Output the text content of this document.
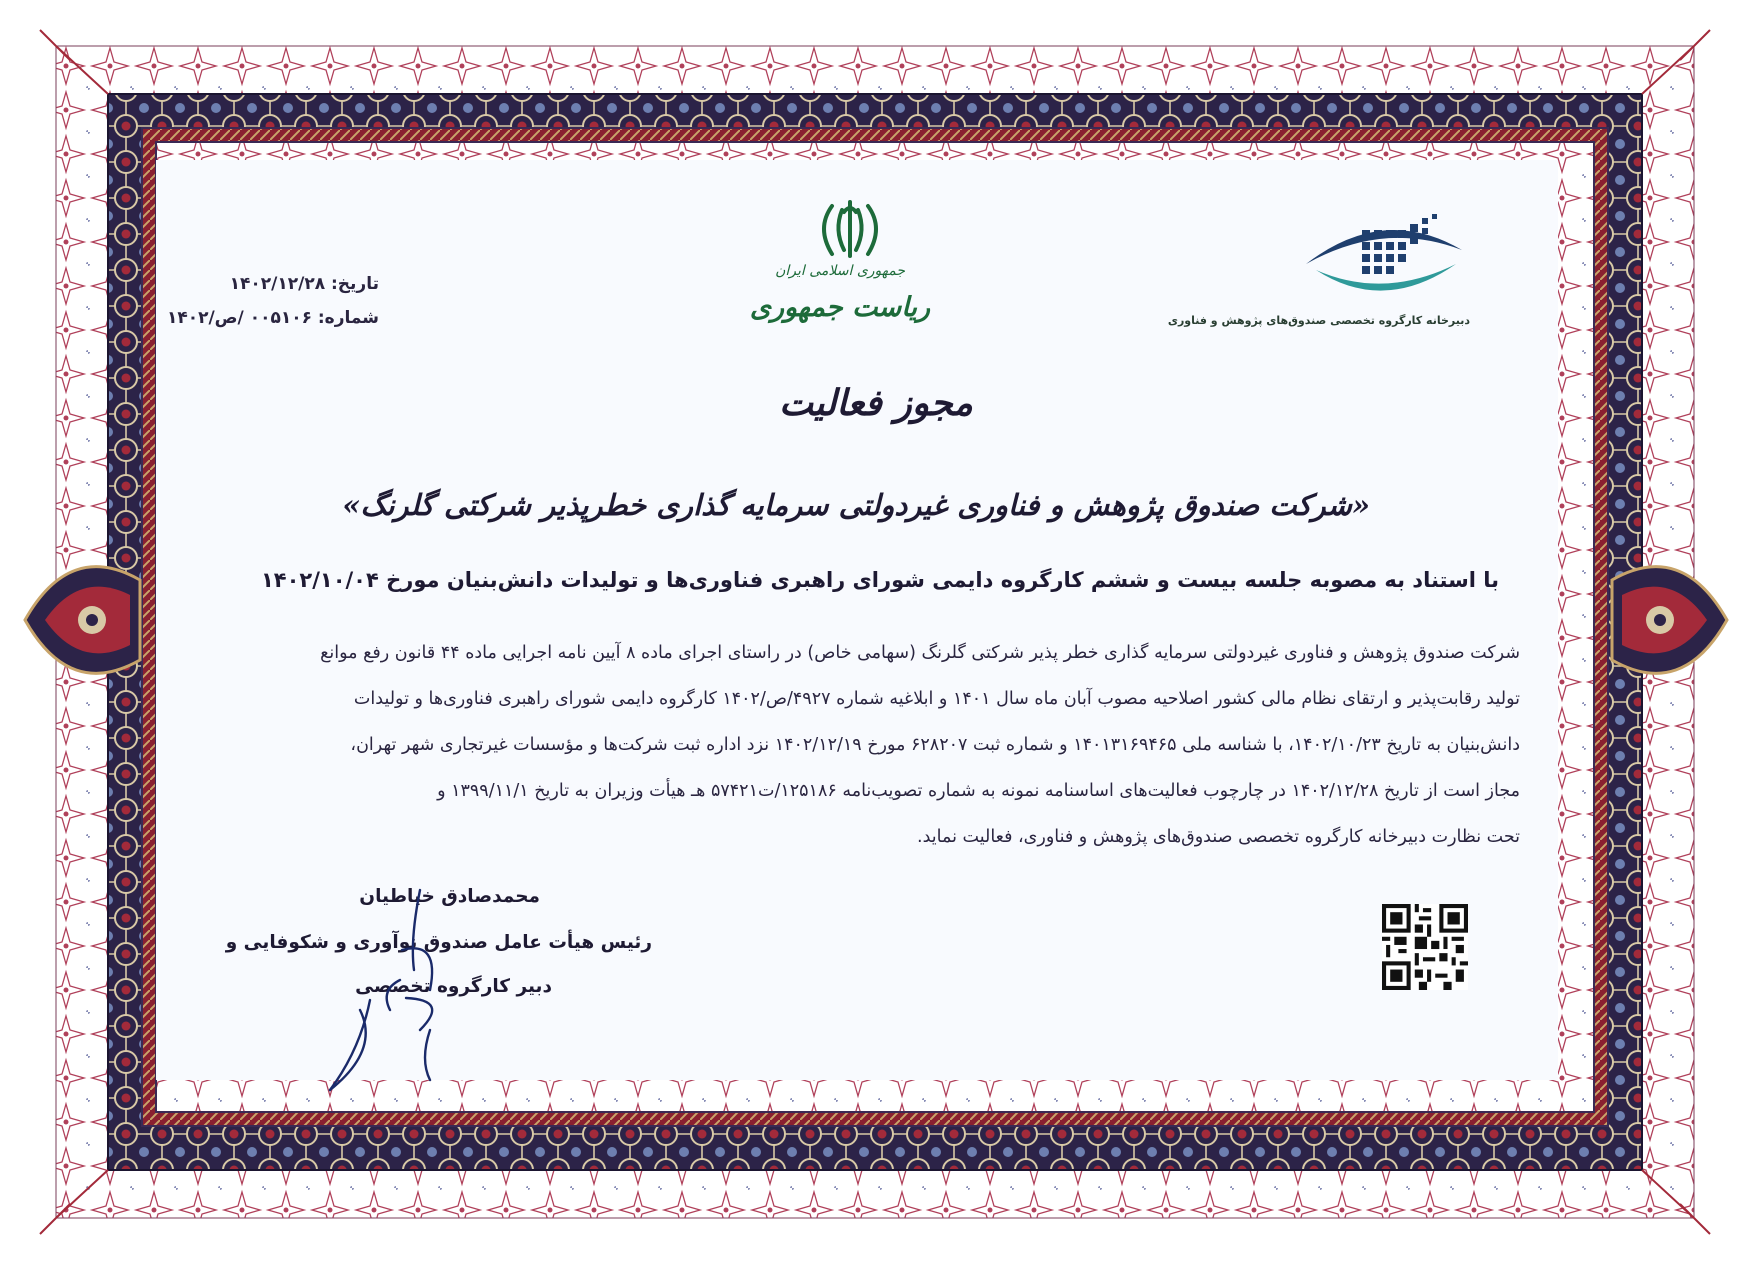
تاریخ: ۱۴۰۲/۱۲/۲۸
شماره: ۰۰۵۱۰۶ /ص/۱۴۰۲
جمهوری اسلامی ایران
ریاست جمهوری	دبیرخانه کارگروه تخصصی صندوق‌های پژوهش و فناوری
مجوز فعالیت
«شرکت صندوق پژوهش و فناوری غیردولتی سرمایه گذاری خطرپذیر شرکتی گلرنگ»
با استناد به مصوبه جلسه بیست و ششم کارگروه دایمی شورای راهبری فناوری‌ها و تولیدات دانش‌بنیان مورخ ۱۴۰۲/۱۰/۰۴
شرکت صندوق پژوهش و فناوری غیردولتی سرمایه گذاری خطر پذیر شرکتی گلرنگ (سهامی خاص) در راستای اجرای ماده ۸ آیین نامه اجرایی ماده ۴۴ قانون رفع موانع
تولید رقابت‌پذیر و ارتقای نظام مالی کشور اصلاحیه مصوب آبان ماه سال ۱۴۰۱ و ابلاغیه شماره ۴۹۲۷/ص/۱۴۰۲ کارگروه دایمی شورای راهبری فناوری‌ها و تولیدات
دانش‌بنیان به تاریخ ۱۴۰۲/۱۰/۲۳، با شناسه ملی ۱۴۰۱۳۱۶۹۴۶۵ و شماره ثبت ۶۲۸۲۰۷ مورخ ۱۴۰۲/۱۲/۱۹ نزد اداره ثبت شرکت‌ها و مؤسسات غیرتجاری شهر تهران،
مجاز است از تاریخ ۱۴۰۲/۱۲/۲۸ در چارچوب فعالیت‌های اساسنامه نمونه به شماره تصویب‌نامه ۱۲۵۱۸۶/ت۵۷۴۲۱ هـ هیأت وزیران به تاریخ ۱۳۹۹/۱۱/۱ و
تحت نظارت دبیرخانه کارگروه تخصصی صندوق‌های پژوهش و فناوری، فعالیت نماید.
محمدصادق خیاطیان
رئیس هیأت عامل صندوق نوآوری و شکوفایی و
دبیر کارگروه تخصصی
